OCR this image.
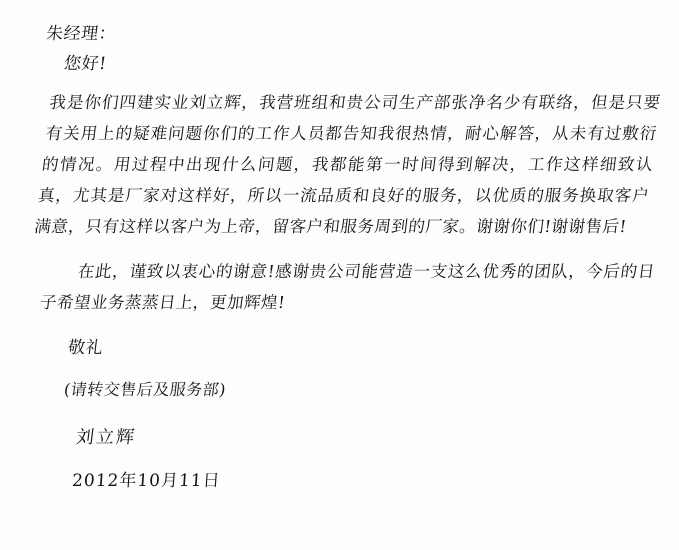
朱经理：
您好!
我是你们四建实业刘立辉，我营班组和贵公司生产部张净名少有联络，但是只要有关用上的疑难问题你们的工作人员都告知我很热情，耐心解答，从未有过敷衍的情况。用过程中出现什么问题，我都能第一时间得到解决，工作这样细致认真，尤其是厂家对这样好，所以一流品质和良好的服务，以优质的服务换取客户满意，只有这样以客户为上帝，留客户和服务周到的厂家。谢谢你们!谢谢售后!
在此，谨致以衷心的谢意!感谢贵公司能营造一支这么优秀的团队，今后的日子希望业务蒸蒸日上，更加辉煌!
敬礼
(请转交售后及服务部)
刘立辉
2012年10月11日
